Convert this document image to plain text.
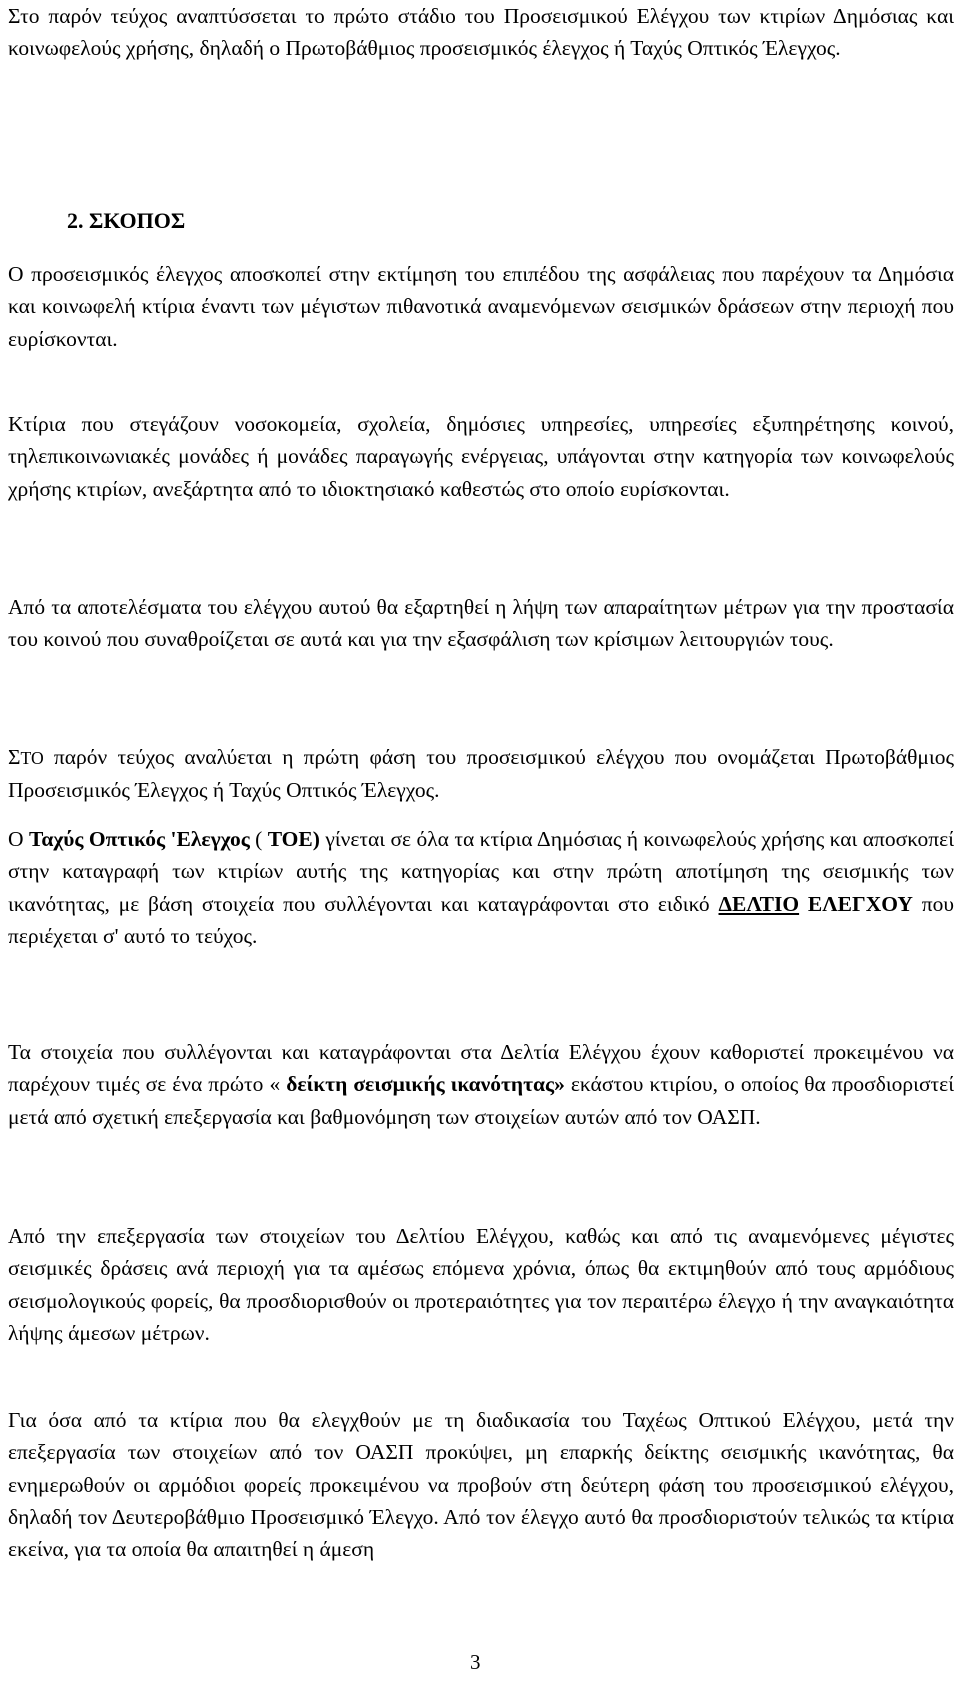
Στο παρόν τεύχος αναπτύσσεται το πρώτο στάδιο του Προσεισμικού Ελέγχου των κτιρίων Δημόσιας και κοινωφελούς χρήσης, δηλαδή ο Πρωτοβάθμιος προσεισμικός έλεγχος ή Ταχύς Οπτικός Έλεγχος.

2. ΣΚΟΠΟΣ

Ο προσεισμικός έλεγχος αποσκοπεί στην εκτίμηση του επιπέδου της ασφάλειας που παρέχουν τα Δημόσια και κοινωφελή κτίρια έναντι των μέγιστων πιθανοτικά αναμενόμενων σεισμικών δράσεων στην περιοχή που ευρίσκονται.

Κτίρια που στεγάζουν νοσοκομεία, σχολεία, δημόσιες υπηρεσίες, υπηρεσίες εξυπηρέτησης κοινού, τηλεπικοινωνιακές μονάδες ή μονάδες παραγωγής ενέργειας, υπάγονται στην κατηγορία των κοινωφελούς χρήσης κτιρίων, ανεξάρτητα από το ιδιοκτησιακό καθεστώς στο οποίο ευρίσκονται.

Από τα αποτελέσματα του ελέγχου αυτού θα εξαρτηθεί η λήψη των απαραίτητων μέτρων για την προστασία του κοινού που συναθροίζεται σε αυτά και για την εξασφάλιση των κρίσιμων λειτουργιών τους.

ΣΤΟ παρόν τεύχος αναλύεται η πρώτη φάση του προσεισμικού ελέγχου που ονομάζεται Πρωτοβάθμιος Προσεισμικός Έλεγχος ή Ταχύς Οπτικός Έλεγχος.

Ο Ταχύς Οπτικός 'Ελεγχος ( ΤΟΕ) γίνεται σε όλα τα κτίρια Δημόσιας ή κοινωφελούς χρήσης και αποσκοπεί στην καταγραφή των κτιρίων αυτής της κατηγορίας και στην πρώτη αποτίμηση της σεισμικής των ικανότητας, με βάση στοιχεία που συλλέγονται και καταγράφονται στο ειδικό ΔΕΛΤΙΟ ΕΛΕΓΧΟΥ που περιέχεται σ' αυτό το τεύχος.

Τα στοιχεία που συλλέγονται και καταγράφονται στα Δελτία Ελέγχου έχουν καθοριστεί προκειμένου να παρέχουν τιμές σε ένα πρώτο « δείκτη σεισμικής ικανότητας» εκάστου κτιρίου, ο οποίος θα προσδιοριστεί μετά από σχετική επεξεργασία και βαθμονόμηση των στοιχείων αυτών από τον ΟΑΣΠ.

Από την επεξεργασία των στοιχείων του Δελτίου Ελέγχου, καθώς και από τις αναμενόμενες μέγιστες σεισμικές δράσεις ανά περιοχή για τα αμέσως επόμενα χρόνια, όπως θα εκτιμηθούν από τους αρμόδιους σεισμολογικούς φορείς, θα προσδιορισθούν οι προτεραιότητες για τον περαιτέρω έλεγχο ή την αναγκαιότητα λήψης άμεσων μέτρων.

Για όσα από τα κτίρια που θα ελεγχθούν με τη διαδικασία του Ταχέως Οπτικού Ελέγχου, μετά την επεξεργασία των στοιχείων από τον ΟΑΣΠ προκύψει, μη επαρκής δείκτης σεισμικής ικανότητας, θα ενημερωθούν οι αρμόδιοι φορείς προκειμένου να προβούν στη δεύτερη φάση του προσεισμικού ελέγχου, δηλαδή τον Δευτεροβάθμιο Προσεισμικό Έλεγχο. Από τον έλεγχο αυτό θα προσδιοριστούν τελικώς τα κτίρια εκείνα, για τα οποία θα απαιτηθεί η άμεση

3
